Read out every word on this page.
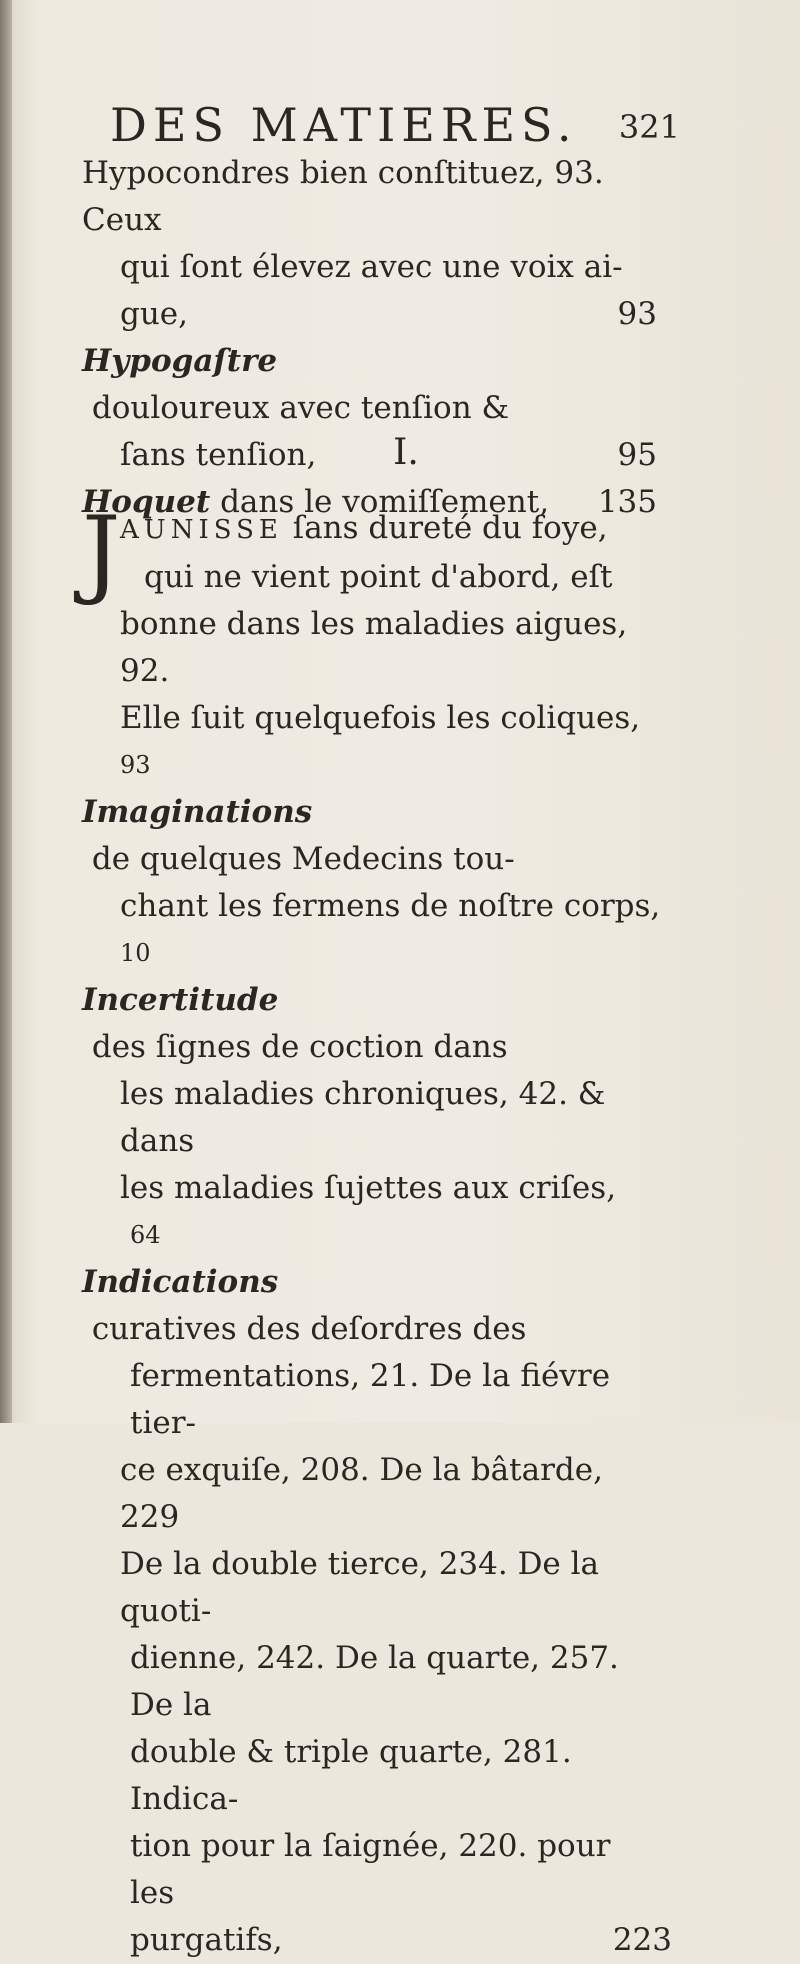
DES MATIERES. 321
Hypocondres bien conſtituez, 93. Ceux
qui ſont élevez avec une voix ai-
gue,	93
Hypogaſtre douloureux avec tenſion &
ſans tenſion,	95
Hoquet dans le vomiſſement, 135
I.
J AUNISSE ſans dureté du foye,
qui ne vient point d'abord, eſt
bonne dans les maladies aigues, 92.
Elle ſuit quelquefois les coliques,
93
Imaginations de quelques Medecins tou-
chant les fermens de noſtre corps,
10
Incertitude des ſignes de coction dans
les maladies chroniques, 42. & dans
les maladies ſujettes aux criſes,
64
Indications curatives des deſordres des
fermentations, 21. De la fiévre tier-
ce exquiſe, 208. De la bâtarde, 229
De la double tierce, 234. De la quoti-
dienne, 242. De la quarte, 257. De la
double & triple quarte, 281. Indica-
tion pour la ſaignée, 220. pour les
purgatifs,	223
